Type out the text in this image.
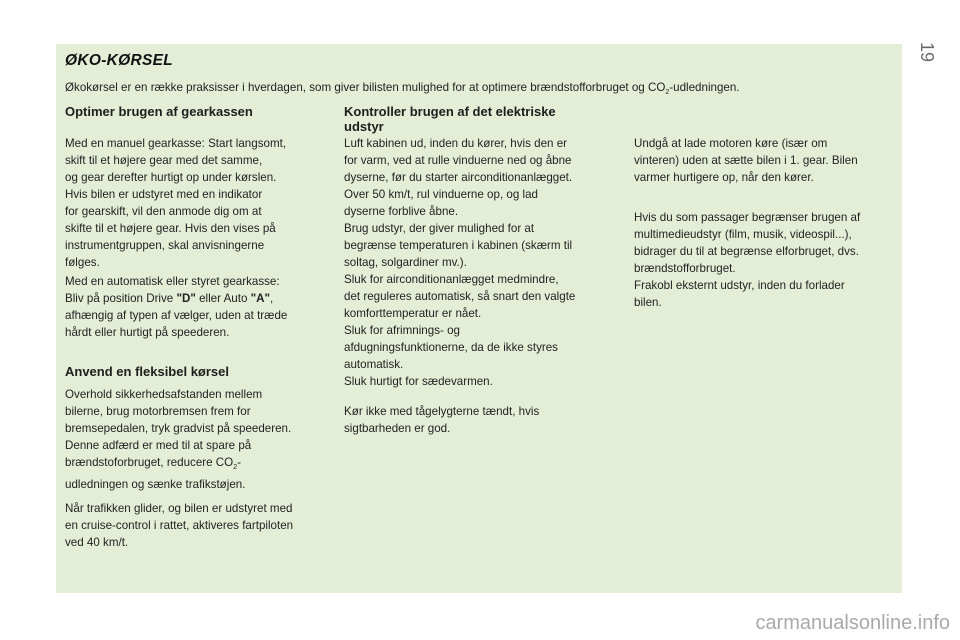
19
ØKO-KØRSEL
Økokørsel er en række praksisser i hverdagen, som giver bilisten mulighed for at optimere brændstofforbruget og $CO_2$-udledningen.

Optimer brugen af gearkassen

Med en manuel gearkasse: Start langsomt,

skift til et højere gear med det samme,

og gear derefter hurtigt op under kørslen.

Hvis bilen er udstyret med en indikator

for gearskift, vil den anmode dig om at

skifte til et højere gear. Hvis den vises på

instrumentgruppen, skal anvisningerne

følges.

Med en automatisk eller styret gearkasse:

Bliv på position Drive "D" eller Auto "A",

afhængig af typen af vælger, uden at træde

hårdt eller hurtigt på speederen.

Anvend en fleksibel kørsel

Overhold sikkerhedsafstanden mellem

bilerne, brug motorbremsen frem for

bremsepedalen, tryk gradvist på speederen.

Denne adfærd er med til at spare på

brændstoforbruget, reducere $CO_2-$

udledningen og sænke trafikstøjen.

Når trafikken glider, og bilen er udstyret med

en cruise-control i rattet, aktiveres fartpiloten

ved 40 km/t.

Kontroller brugen af det elektriske

udstyr

Luft kabinen ud, inden du kører, hvis den er

for varm, ved at rulle vinduerne ned og åbne

dyserne, før du starter airconditionanlægget.

Over 50 km/t, rul vinduerne op, og lad

dyserne forblive åbne.

Brug udstyr, der giver mulighed for at

begrænse temperaturen i kabinen (skærm til

soltag, solgardiner mv.).

Sluk for airconditionanlægget medmindre,

det reguleres automatisk, så snart den valgte

komforttemperatur er nået.

Sluk for afrimnings- og

afdugningsfunktionerne, da de ikke styres

automatisk.

Sluk hurtigt for sædevarmen.

Kør ikke med tågelygterne tændt, hvis

sigtbarheden er god.

Undgå at lade motoren køre (især om

vinteren) uden at sætte bilen i 1. gear. Bilen

varmer hurtigere op, når den kører.

Hvis du som passager begrænser brugen af

multimedieudstyr (film, musik, videospil...),

bidrager du til at begrænse elforbruget, dvs.

brændstofforbruget.

Frakobl eksternt udstyr, inden du forlader

bilen.

carmanualsonline.info
